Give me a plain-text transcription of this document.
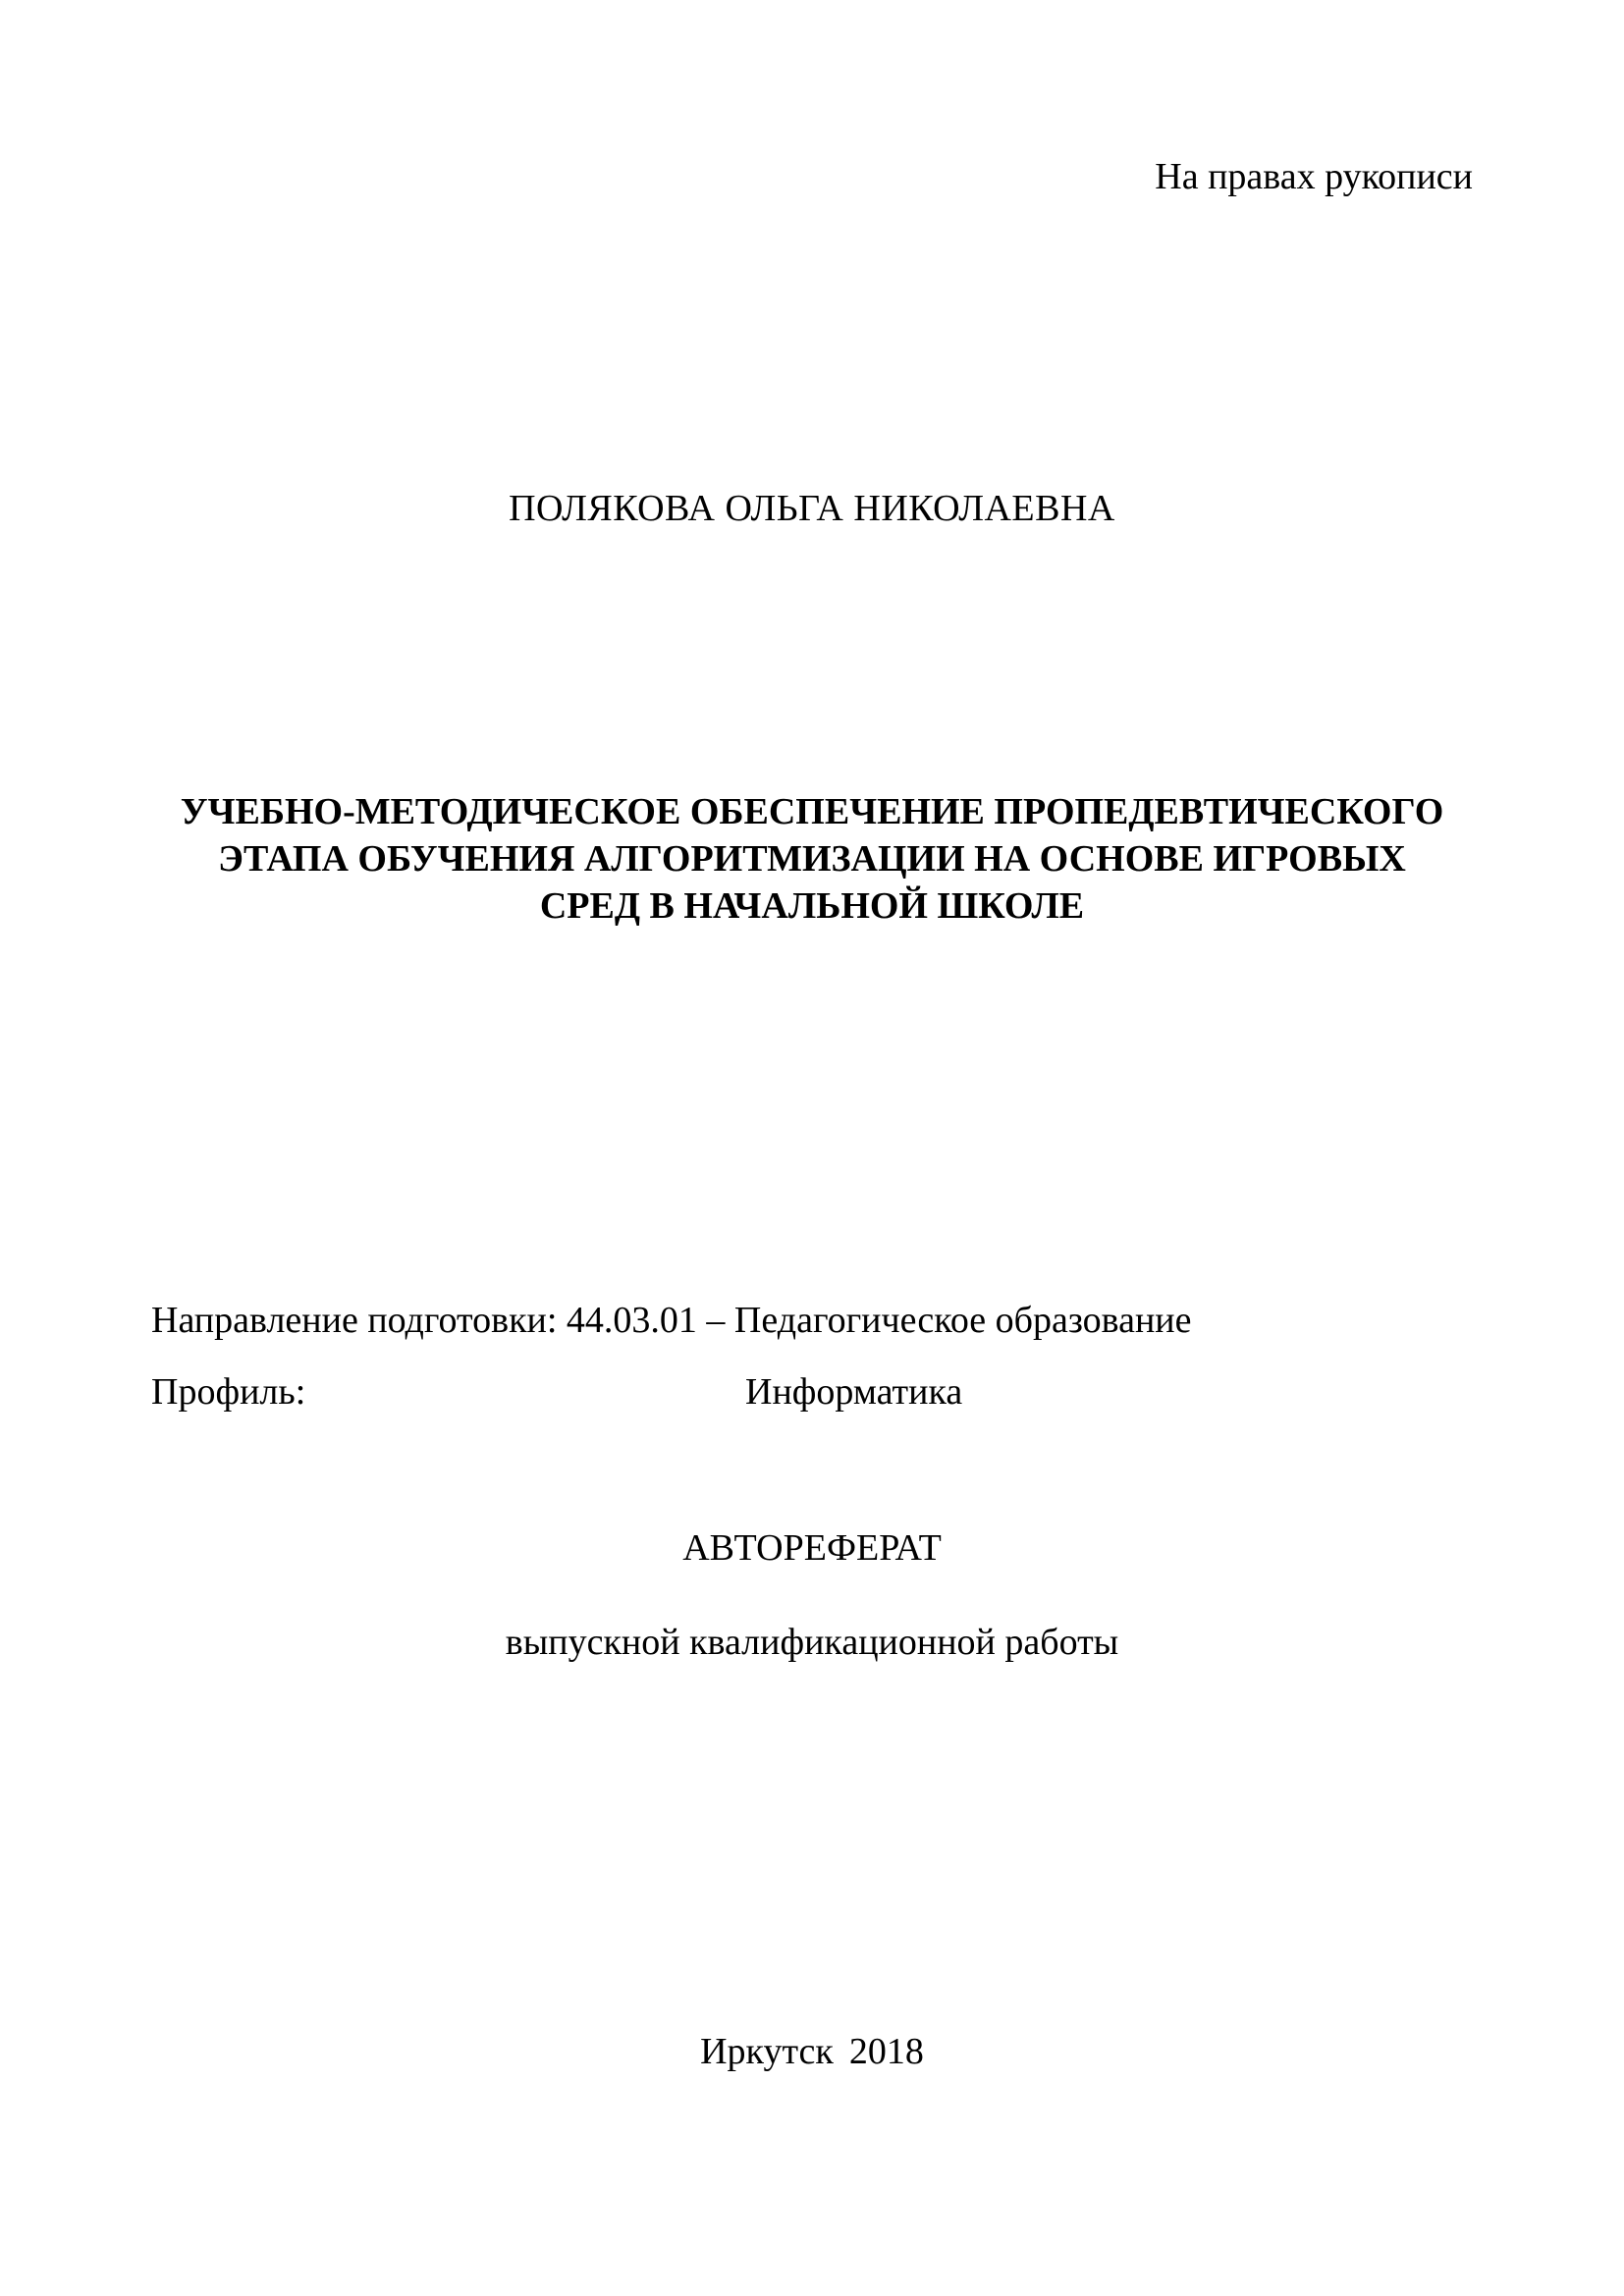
На правах рукописи
ПОЛЯКОВА ОЛЬГА НИКОЛАЕВНА
УЧЕБНО-МЕТОДИЧЕСКОЕ ОБЕСПЕЧЕНИЕ ПРОПЕДЕВТИЧЕСКОГО
ЭТАПА ОБУЧЕНИЯ АЛГОРИТМИЗАЦИИ НА ОСНОВЕ ИГРОВЫХ
СРЕД В НАЧАЛЬНОЙ ШКОЛЕ
Направление подготовки: 44.03.01 – Педагогическое образование
Профиль:	Информатика
АВТОРЕФЕРАТ
выпускной квалификационной работы
Иркутск 2018
